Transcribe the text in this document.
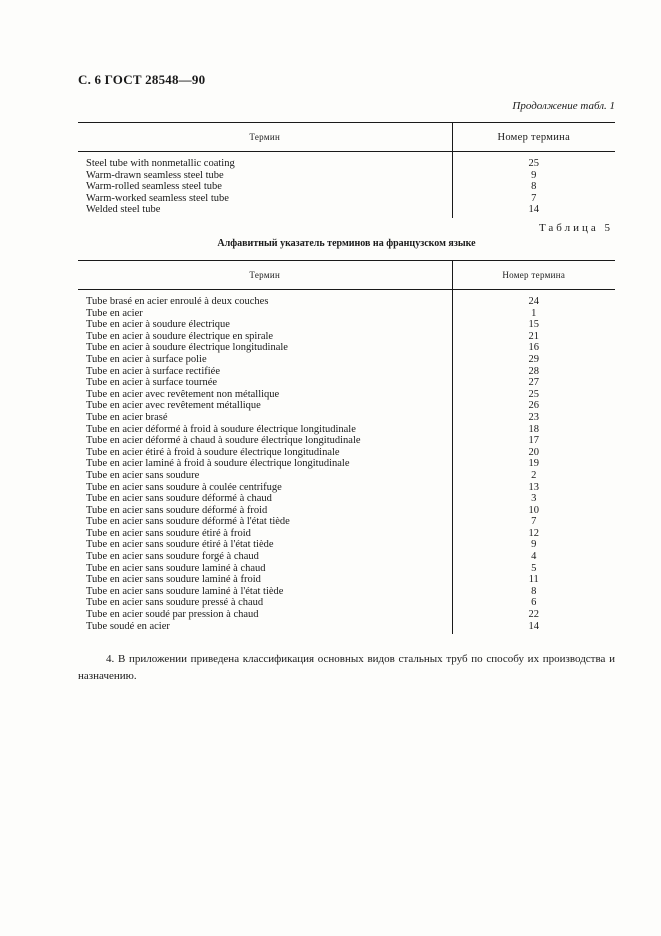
С. 6 ГОСТ 28548—90
Продолжение табл. 1
Термин	Номер термина
Steel tube with nonmetallic coating	25
Warm-drawn seamless steel tube	9
Warm-rolled seamless steel tube	8
Warm-worked seamless steel tube	7
Welded steel tube	14
Таблица 5
Алфавитный указатель терминов на французском языке
Термин	Номер термина
Tube brasé en acier enroulé à deux couches	24
Tube en acier	1
Tube en acier à soudure électrique	15
Tube en acier à soudure électrique en spirale	21
Tube en acier à soudure électrique longitudinale	16
Tube en acier à surface polie	29
Tube en acier à surface rectifiée	28
Tube en acier à surface tournée	27
Tube en acier avec revêtement non métallique	25
Tube en acier avec revêtement métallique	26
Tube en acier brasé	23
Tube en acier déformé à froid à soudure électrique longitudinale	18
Tube en acier déformé à chaud à soudure électrique longitudinale	17
Tube en acier étiré à froid à soudure électrique longitudinale	20
Tube en acier laminé à froid à soudure électrique longitudinale	19
Tube en acier sans soudure	2
Tube en acier sans soudure à coulée centrifuge	13
Tube en acier sans soudure déformé à chaud	3
Tube en acier sans soudure déformé à froid	10
Tube en acier sans soudure déformé à l'état tiède	7
Tube en acier sans soudure étiré à froid	12
Tube en acier sans soudure étiré à l'état tiède	9
Tube en acier sans soudure forgé à chaud	4
Tube en acier sans soudure laminé à chaud	5
Tube en acier sans soudure laminé à froid	11
Tube en acier sans soudure laminé à l'état tiède	8
Tube en acier sans soudure pressé à chaud	6
Tube en acier soudé par pression à chaud	22
Tube soudé en acier	14

4. В приложении приведена классификация основных видов стальных труб по способу их производства и назначению.
